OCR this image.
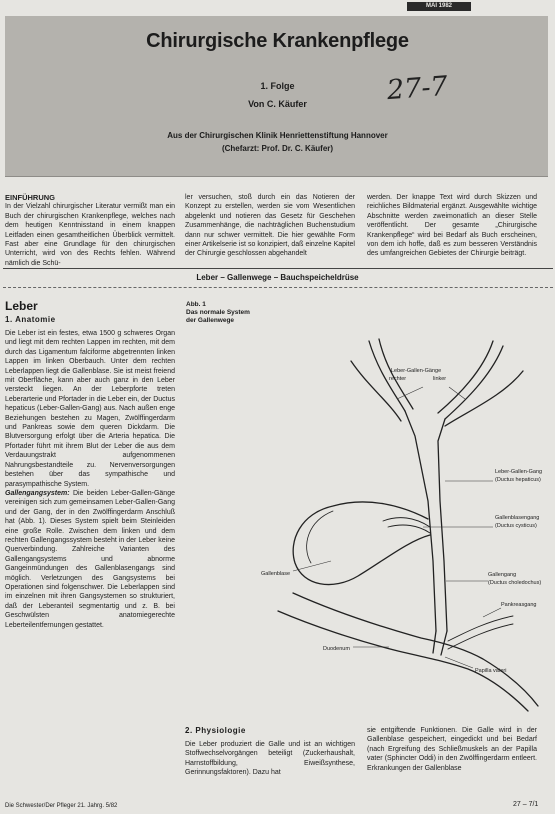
MAI 1982
Chirurgische Krankenpflege
1. Folge
Von C. Käufer
Aus der Chirurgischen Klinik Henriettenstiftung Hannover
(Chefarzt: Prof. Dr. C. Käufer)
27-7
EINFÜHRUNG

In der Vielzahl chirurgischer Literatur vermißt man ein Buch der chirurgischen Krankenpflege, welches nach dem heutigen Kenntnisstand in einem knappen Leitfaden einen gesamtheitlichen Überblick vermittelt. Fast aber eine Grundlage für den chirurgischen Unterricht, wird von des Rechts fehlen. Während nämlich die Schü-

ler versuchen, stoß durch ein das Notieren der Konzept zu erstellen, werden sie vom Wesentlichen abgelenkt und notieren das Gesetz für Geschehen Zusammenhänge, die nachträglichen Buchenstudium dann nur schwer vermittelt. Die hier gewählte Form einer Artikelserie ist so konzipiert, daß einzelne Kapitel der Chirurgie geschlossen abgehandelt

werden. Der knappe Text wird durch Skizzen und reichliches Bildmaterial ergänzt. Ausgewählte wichtige Abschnitte werden zweimonatlich an dieser Stelle veröffentlicht. Der gesamte „Chirurgische Krankenpflege“ wird bei Bedarf als Buch erscheinen, von dem ich hoffe, daß es zum besseren Verständnis des umfangreichen Gebietes der Chirurgie beiträgt.

Leber – Gallenwege – Bauchspeicheldrüse
Leber
1. Anatomie

Die Leber ist ein festes, etwa 1500 g schweres Organ und liegt mit dem rechten Lappen im rechten, mit dem durch das Ligamentum falciforme abgetrennten linken Lappen im linken Oberbauch. Unter dem rechten Leberlappen liegt die Gallenblase. Sie ist meist freiend mit Oberfläche, kann aber auch ganz in den Leber versteckt liegen. An der Leberpforte treten Leberarterie und Pfortader in die Leber ein, der Ductus hepaticus (Leber-Gallen-Gang) aus. Nach außen enge Beziehungen bestehen zu Magen, Zwölffingerdarm und Pankreas sowie dem queren Dickdarm. Die Blutversorgung erfolgt über die Arteria hepatica. Die Pfortader führt mit ihrem Blut der Leber die aus dem Verdauungstrakt aufgenommenen Nahrungsbestandteile zu. Nervenversorgungen bestehen über das sympathische und parasympathische System.

Gallengangsystem: Die beiden Leber-Gallen-Gänge vereinigen sich zum gemeinsamen Leber-Gallen-Gang und der Gang, der in den Zwölffingerdarm Anschluß hat (Abb. 1). Dieses System spielt beim Steinleiden eine große Rolle. Zwischen dem linken und dem rechten Gallengangssystem besteht in der Leber keine Querverbindung. Zahlreiche Varianten des Gallengangsystems und abnorme Gangeinmündungen des Gallenblasengangs sind möglich. Verletzungen des Gangsystems bei Operationen sind folgenschwer. Die Leberlappen sind im einzelnen mit ihren Gangsystemen so strukturiert, daß der Leberanteil segmentartig und z. B. bei Geschwülsten anatomiegerechte Leberteilentfernungen gestattet.

Abb. 1
Das normale System
der Gallenwege
Leber-Gallen-Gänge
rechter	linker
Leber-Gallen-Gang
(Ductus hepaticus)
Gallenblasengang
(Ductus cysticus)
Gallenblase	Gallengang
(Ductus choledochus)
Pankreasgang
Duodenum
Papilla vateri
2. Physiologie

Die Leber produziert die Galle und ist an wichtigen Stoffwechselvorgängen beteiligt (Zuckerhaushalt, Harnstoffbildung, Eiweißsynthese, Gerinnungsfaktoren). Dazu hat

sie entgiftende Funktionen. Die Galle wird in der Gallenblase gespeichert, eingedickt und bei Bedarf (nach Ergreifung des Schließmuskels an der Papilla vater (Sphincter Oddi) in den Zwölffingerdarm entleert. Erkrankungen der Gallenblase

Die Schwester/Der Pfleger 21. Jahrg. 5/82	27 – 7/1
